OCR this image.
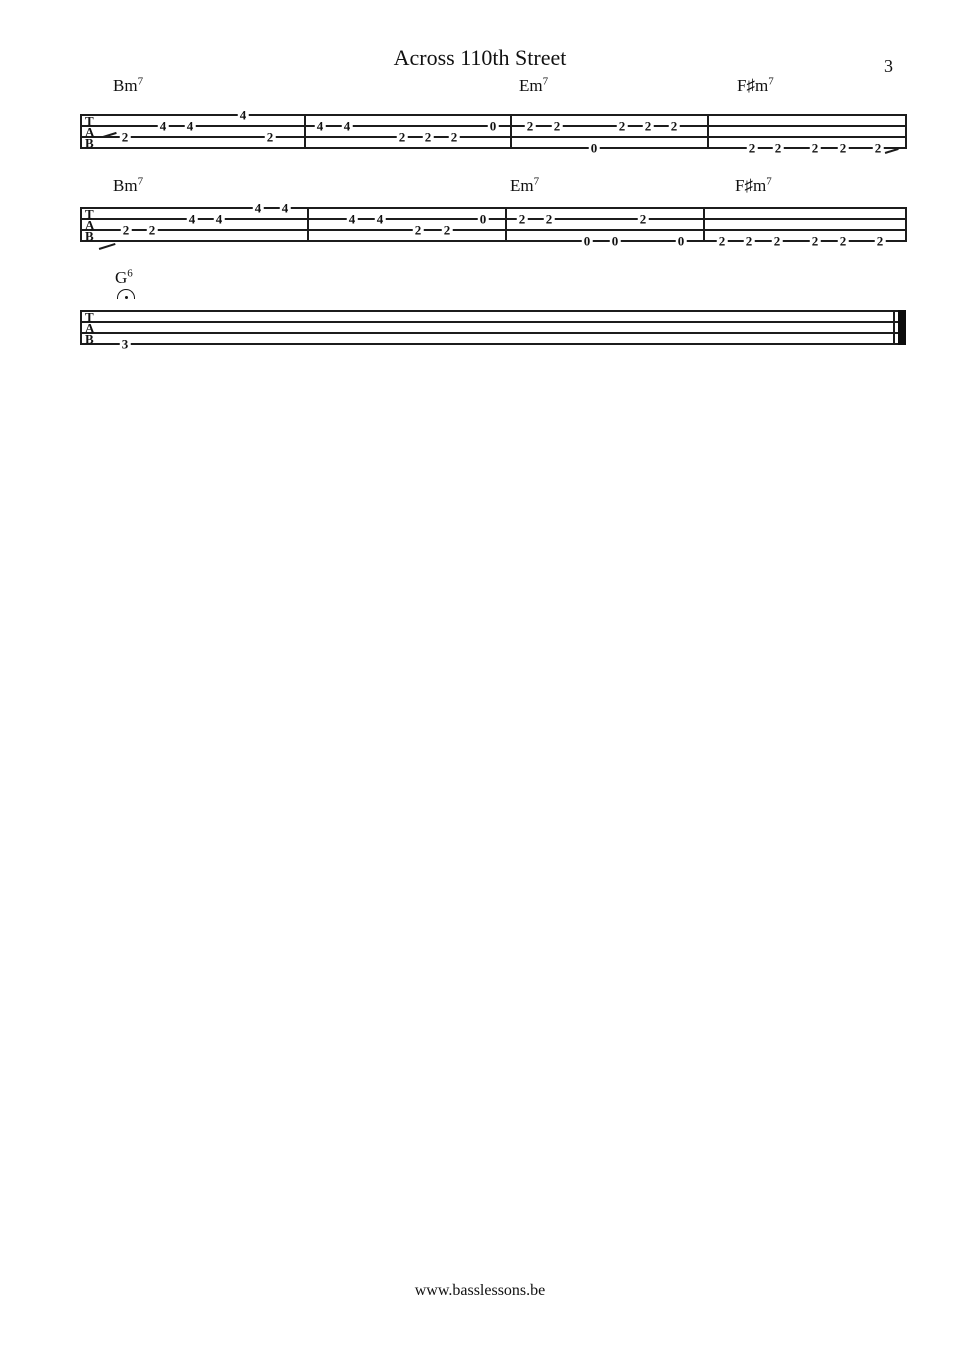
Across 110th Street	3
T
A
B
Bm$^7$	Em$^7$	$F♯m^7$
2
4 4
4
2
4 4
2 2 2
0 2 2
0
2 2 2
2 2 2 2 2
T
A
B
Bm$^7$	Em$^7$	$F♯m^7$
2 2
4 4
4 4
4 4
2 2
0	2 2
0 0
2
0	2 2 2 2 2 2
T
A
B
$G^6$
3
www.basslessons.be
